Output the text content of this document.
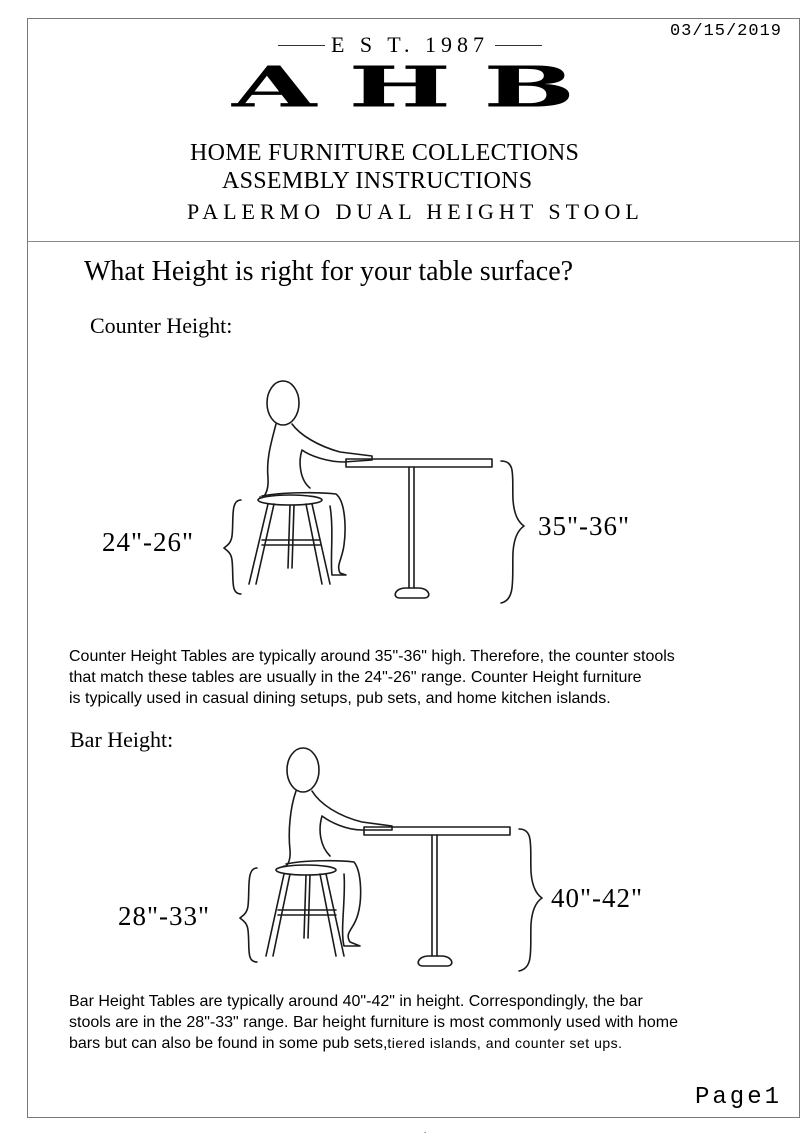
03/15/2019
E S T. 1987
AHB
HOME FURNITURE COLLECTIONS
ASSEMBLY INSTRUCTIONS
PALERMO DUAL HEIGHT STOOL
What Height is right for your table surface?
Counter Height:
24"-26"
35"-36"
Counter Height Tables are typically around 35"-36" high. Therefore, the counter stools
that match these tables are usually in the 24"-26" range. Counter Height furniture
is typically used in casual dining setups, pub sets, and home kitchen islands.
Bar Height:
28"-33"
40"-42"
Bar Height Tables are typically around 40"-42" in height. Correspondingly, the bar
stools are in the 28"-33" range. Bar height furniture is most commonly used with home
bars but can also be found in some pub sets,tiered islands, and counter set ups.
Page1
.
